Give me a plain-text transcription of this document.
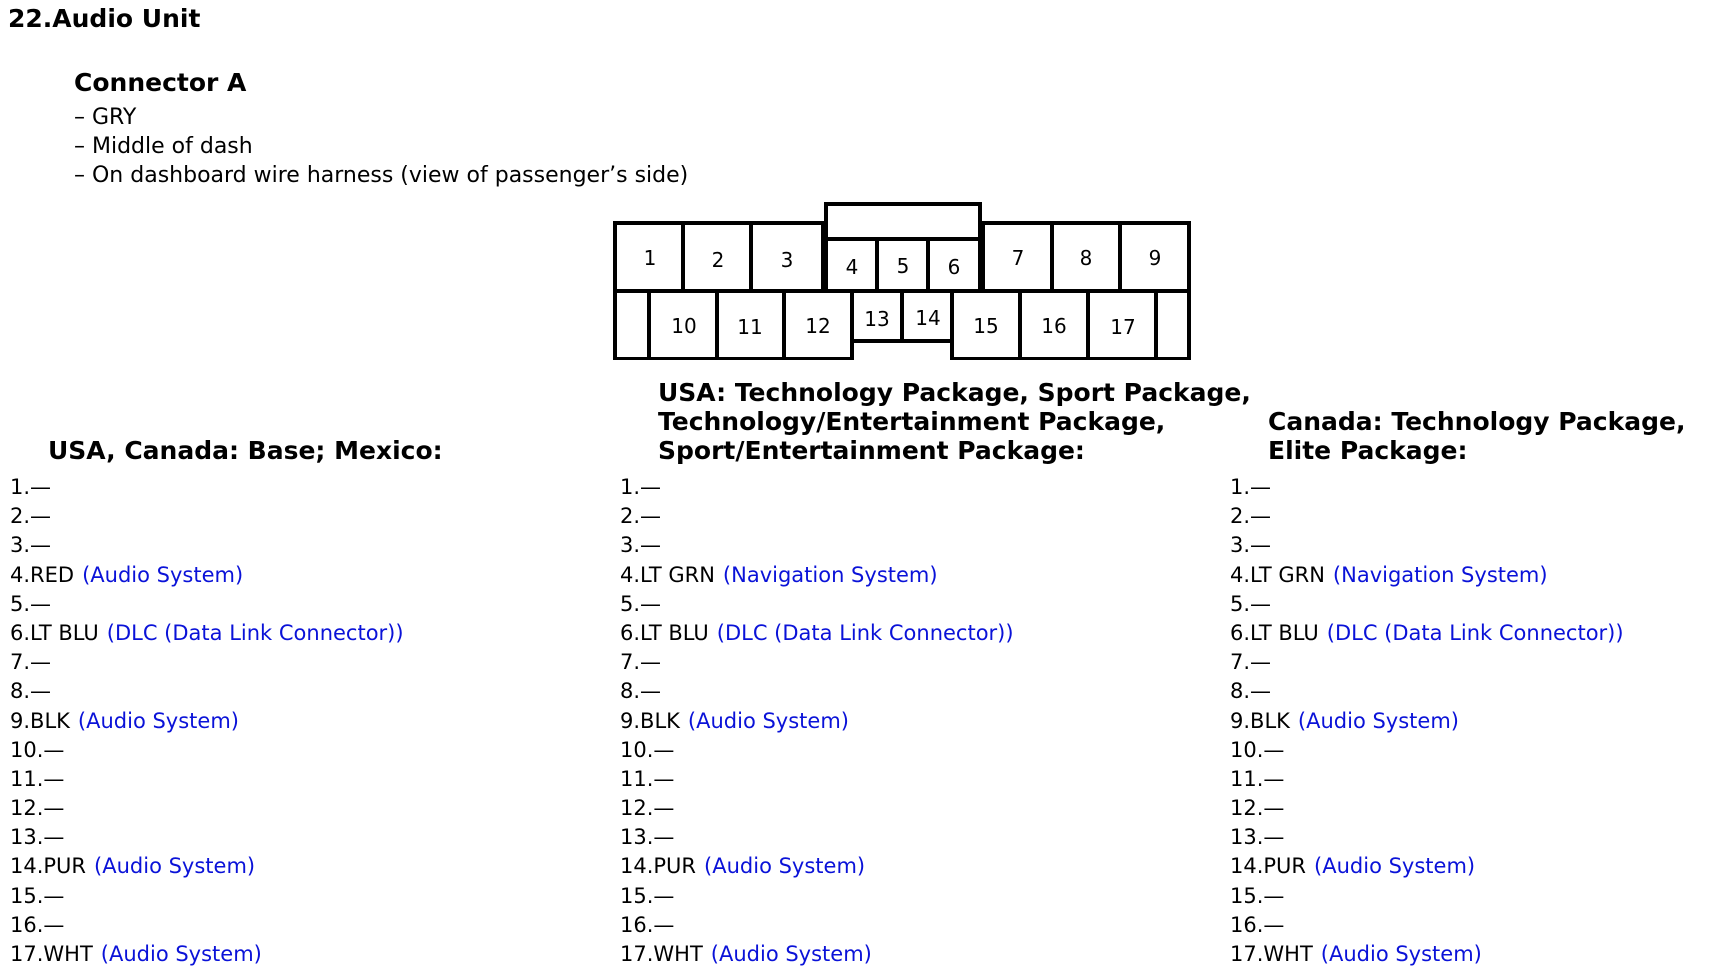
22.Audio Unit
Connector A
– GRY
– Middle of dash
– On dashboard wire harness (view of passenger’s side)
1	2	3	4 5 6	7	8	9
10 11 12 13 14 15 16 17
USA, Canada: Base; Mexico:
USA: Technology Package, Sport Package,
Technology/Entertainment Package,
Sport/Entertainment Package:
Canada: Technology Package,
Elite Package:
1.—
2.—
3.—
4.RED (Audio System)
5.—
6.LT BLU (DLC (Data Link Connector))
7.—
8.—
9.BLK (Audio System)
10.—
11.—
12.—
13.—
14.PUR (Audio System)
15.—
16.—
17.WHT (Audio System)
1.—
2.—
3.—
4.LT GRN (Navigation System)
5.—
6.LT BLU (DLC (Data Link Connector))
7.—
8.—
9.BLK (Audio System)
10.—
11.—
12.—
13.—
14.PUR (Audio System)
15.—
16.—
17.WHT (Audio System)
1.—
2.—
3.—
4.LT GRN (Navigation System)
5.—
6.LT BLU (DLC (Data Link Connector))
7.—
8.—
9.BLK (Audio System)
10.—
11.—
12.—
13.—
14.PUR (Audio System)
15.—
16.—
17.WHT (Audio System)
